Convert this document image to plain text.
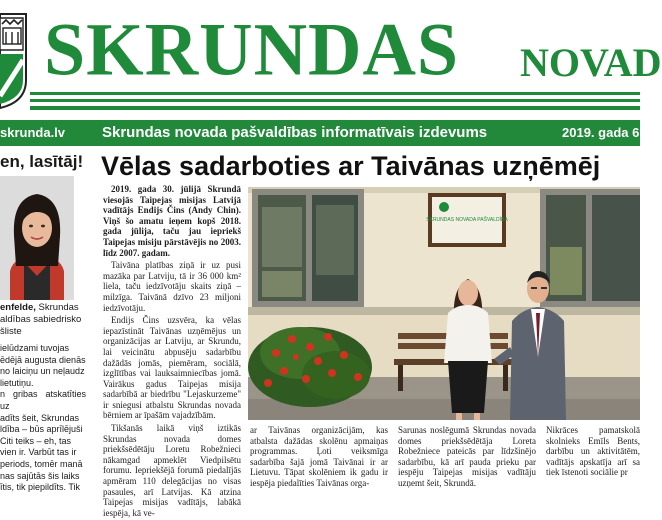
SKRUNDAS NOVAD
skrunda.lv Skrundas novada pašvaldības informatīvais izdevums	2019. gada 6. s
en, lasītāj!
enfelde, Skrundas
aldības sabiedrisko
šliste
ielūdzami tuvojas
ēdējā augusta dienās
no laiciņu un neļaudz
lietutiņu.
n gribas atskatīties uz
adīts šeit, Skrundas
ldība – būs aprīlējuši
Citi teiks – eh, tas
vien ir. Varbūt tas ir
periods, tomēr manā
nas sajūtās šis laiks
ītis, tik piepildīts. Tik
Vēlas sadarboties ar Taivānas uzņēmēj

2019. gada 30. jūlijā Skrundā viesojās Taipejas misijas Latvijā vadītājs Endijs Čins (Andy Chin). Viņš šo amatu ieņem kopš 2018. gada jūlija, taču jau iepriekš Taipejas misiju pārstāvējis no 2003. līdz 2007. gadam.

Taivāna platības ziņā ir uz pusi mazāka par Latviju, tā ir 36 000 km² liela, taču iedzīvotāju skaits ziņā – milzīga. Taivānā dzīvo 23 miljoni iedzīvotāju.

Endijs Čins uzsvēra, ka vēlas iepazīstināt Taivānas uzņēmējus un organizācijas ar Latviju, ar Skrundu, lai veicinātu abpusēju sadarbību dažādās jomās, piemēram, sociālā, izglītības vai lauksaimniecības jomā. Vairākus gadus Taipejas misija sadarbībā ar biedrību "Lejaskurzeme" ir sniegusi atbalstu Skrundas novada bērniem ar īpašām vajadzībām.

Tikšanās laikā viņš iztikās Skrundas novada domes priekšsēdētāju Loretu Robežnieci nākamgad apmeklēt Viedpilsētu forumu. Iepriekšējā forumā piedalījās apmēram 110 delegācijas no visas pasaules, arī Latvijas. Kā atzina Taipejas misijas vadītājs, labākā iespēja, kā ve-

SKRUNDAS NOVADA PAŠVALDĪBA
ar Taivānas organizācijām, kas atbalsta dažādas skolēnu apmaiņas programmas. Ļoti veiksmīga sadarbība šajā jomā Taivānai ir ar Lietuvu. Tāpat skolēniem ik gadu ir iespēja piedalīties Taivānas orga-
Sarunas noslēgumā Skrundas novada domes priekšsēdētāja Loreta Robežniece pateicās par līdzšinējo sadarbību, kā arī pauda prieku par iespēju Taipejas misijas vadītāju uzņemt šeit, Skrundā.
Nikrāces pamatskolā skolnieks Emīls Bents, darbību un aktivitātēm, vadītājs apskatīja arī sa tiek īstenoti sociālie pr
